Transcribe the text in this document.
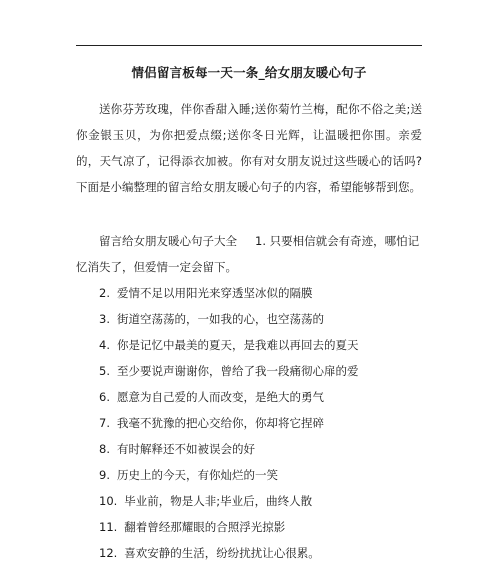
情侣留言板每一天一条_给女朋友暖心句子

送你芬芳玫瑰，伴你香甜入睡;送你菊竹兰梅，配你不俗之美;送你金银玉贝，为你把爱点缀;送你冬日光辉，让温暖把你围。亲爱的，天气凉了，记得添衣加被。你有对女朋友说过这些暖心的话吗?下面是小编整理的留言给女朋友暖心句子的内容，希望能够帮到您。

留言给女朋友暖心句子大全 1. 只要相信就会有奇迹，哪怕记忆消失了，但爱情一定会留下。

2. 爱情不足以用阳光来穿透坚冰似的隔膜
3. 街道空荡荡的，一如我的心，也空荡荡的
4. 你是记忆中最美的夏天，是我难以再回去的夏天
5. 至少要说声谢谢你，曾给了我一段痛彻心扉的爱
6. 愿意为自己爱的人而改变，是绝大的勇气
7. 我毫不犹豫的把心交给你，你却将它捏碎
8. 有时解释还不如被误会的好
9. 历史上的今天，有你灿烂的一笑
10. 毕业前，物是人非;毕业后，曲终人散
11. 翻着曾经那耀眼的合照浮光掠影
12. 喜欢安静的生活，纷纷扰扰让心很累。
